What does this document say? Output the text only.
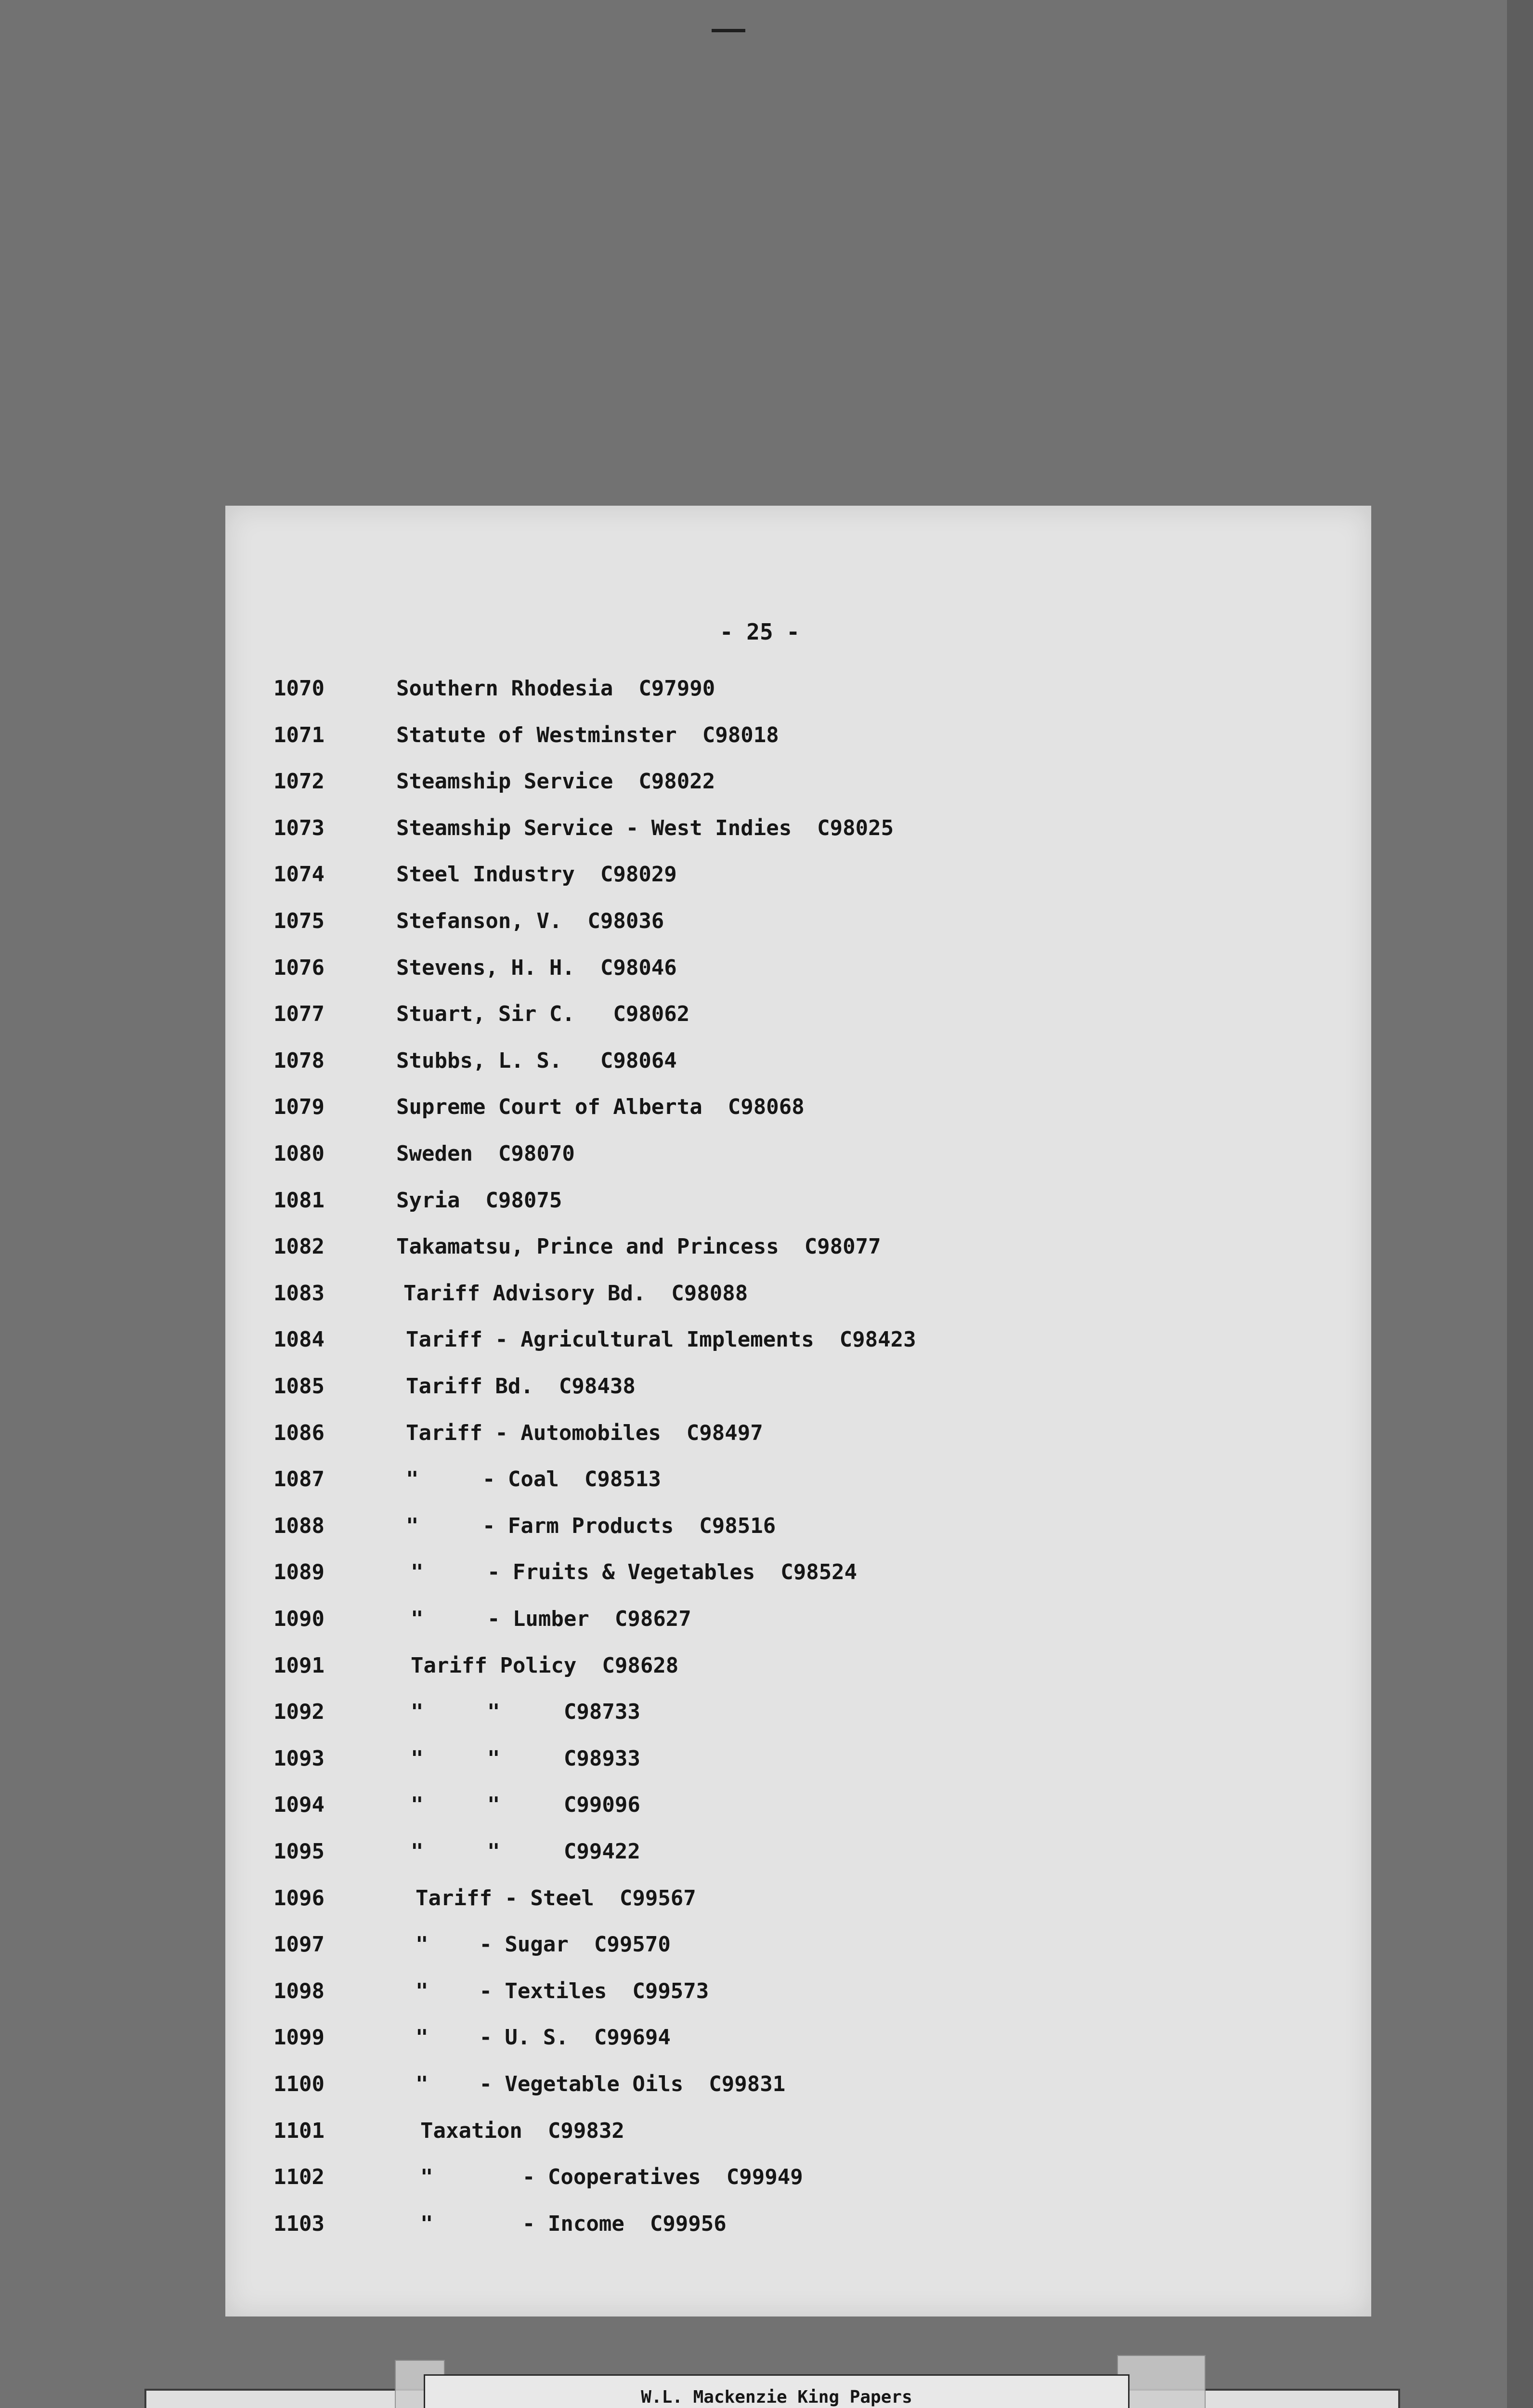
- 25 -
1070	Southern Rhodesia  C97990
1071	Statute of Westminster  C98018
1072	Steamship Service  C98022
1073	Steamship Service - West Indies  C98025
1074	Steel Industry  C98029
1075	Stefanson, V.  C98036
1076	Stevens, H. H.  C98046
1077	Stuart, Sir C.   C98062
1078	Stubbs, L. S.   C98064
1079	Supreme Court of Alberta  C98068
1080	Sweden  C98070
1081	Syria  C98075
1082	Takamatsu, Prince and Princess  C98077
1083	Tariff Advisory Bd.  C98088
1084	Tariff - Agricultural Implements  C98423
1085	Tariff Bd.  C98438
1086	Tariff - Automobiles  C98497
1087	"     - Coal  C98513
1088	"     - Farm Products  C98516
1089	"     - Fruits & Vegetables  C98524
1090	"     - Lumber  C98627
1091	Tariff Policy  C98628
1092	"     "     C98733
1093	"     "     C98933
1094	"     "     C99096
1095	"     "     C99422
1096	Tariff - Steel  C99567
1097	"    - Sugar  C99570
1098	"    - Textiles  C99573
1099	"    - U. S.  C99694
1100	"    - Vegetable Oils  C99831
1101	Taxation  C99832
1102	"       - Cooperatives  C99949
1103	"       - Income  C99956
W.L. Mackenzie King Papers
